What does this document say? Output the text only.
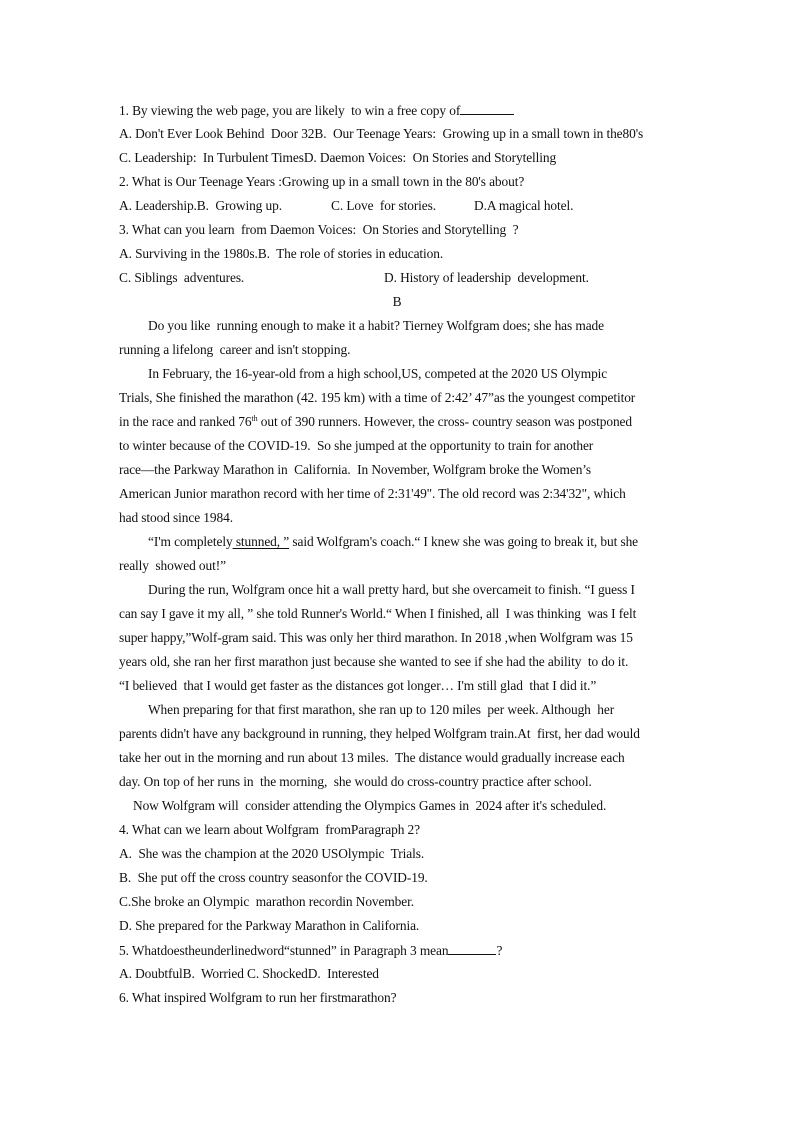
1. By viewing the web page, you are likely  to win a free copy of
A. Don't Ever Look Behind  Door 32B.  Our Teenage Years:  Growing up in a small town in the80's
C. Leadership:  In Turbulent TimesD. Daemon Voices:  On Stories and Storytelling
2. What is Our Teenage Years :Growing up in a small town in the 80's about?
A. Leadership.B.  Growing up.	C. Love  for stories.	D.A magical hotel.
3. What can you learn  from Daemon Voices:  On Stories and Storytelling  ?
A. Surviving in the 1980s.B.  The role of stories in education.
C. Siblings  adventures.	D. History of leadership  development.
B
Do you like  running enough to make it a habit? Tierney Wolfgram does; she has made
running a lifelong  career and isn't stopping.
In February, the 16-year-old from a high school,US, competed at the 2020 US Olympic
Trials, She finished the marathon (42. 195 km) with a time of 2:42’ 47”as the youngest competitor
in the race and ranked 76th out of 390 runners. However, the cross- country season was postponed
to winter because of the COVID-19.  So she jumped at the opportunity to train for another
race—the Parkway Marathon in  California.  In November, Wolfgram broke the Women’s
American Junior marathon record with her time of 2:31'49". The old record was 2:34'32", which
had stood since 1984.
“I'm completely stunned, ” said Wolfgram's coach.“ I knew she was going to break it, but she
really  showed out!”
During the run, Wolfgram once hit a wall pretty hard, but she overcameit to finish. “I guess I
can say I gave it my all, ” she told Runner's World.“ When I finished, all  I was thinking  was I felt
super happy,”Wolf-gram said. This was only her third marathon. In 2018 ,when Wolfgram was 15
years old, she ran her first marathon just because she wanted to see if she had the ability  to do it.
“I believed  that I would get faster as the distances got longer… I'm still glad  that I did it.”
When preparing for that first marathon, she ran up to 120 miles  per week. Although  her
parents didn't have any background in running, they helped Wolfgram train.At  first, her dad would
take her out in the morning and run about 13 miles.  The distance would gradually increase each
day. On top of her runs in  the morning,  she would do cross-country practice after school.
Now Wolfgram will  consider attending the Olympics Games in  2024 after it's scheduled.
4. What can we learn about Wolfgram  fromParagraph 2?
A.  She was the champion at the 2020 USOlympic  Trials.
B.  She put off the cross country seasonfor the COVID-19.
C.She broke an Olympic  marathon recordin November.
D. She prepared for the Parkway Marathon in California.
5. Whatdoestheunderlinedword“stunned” in Paragraph 3 mean	?
A. DoubtfulB.  Worried C. ShockedD.  Interested
6. What inspired Wolfgram to run her firstmarathon?
